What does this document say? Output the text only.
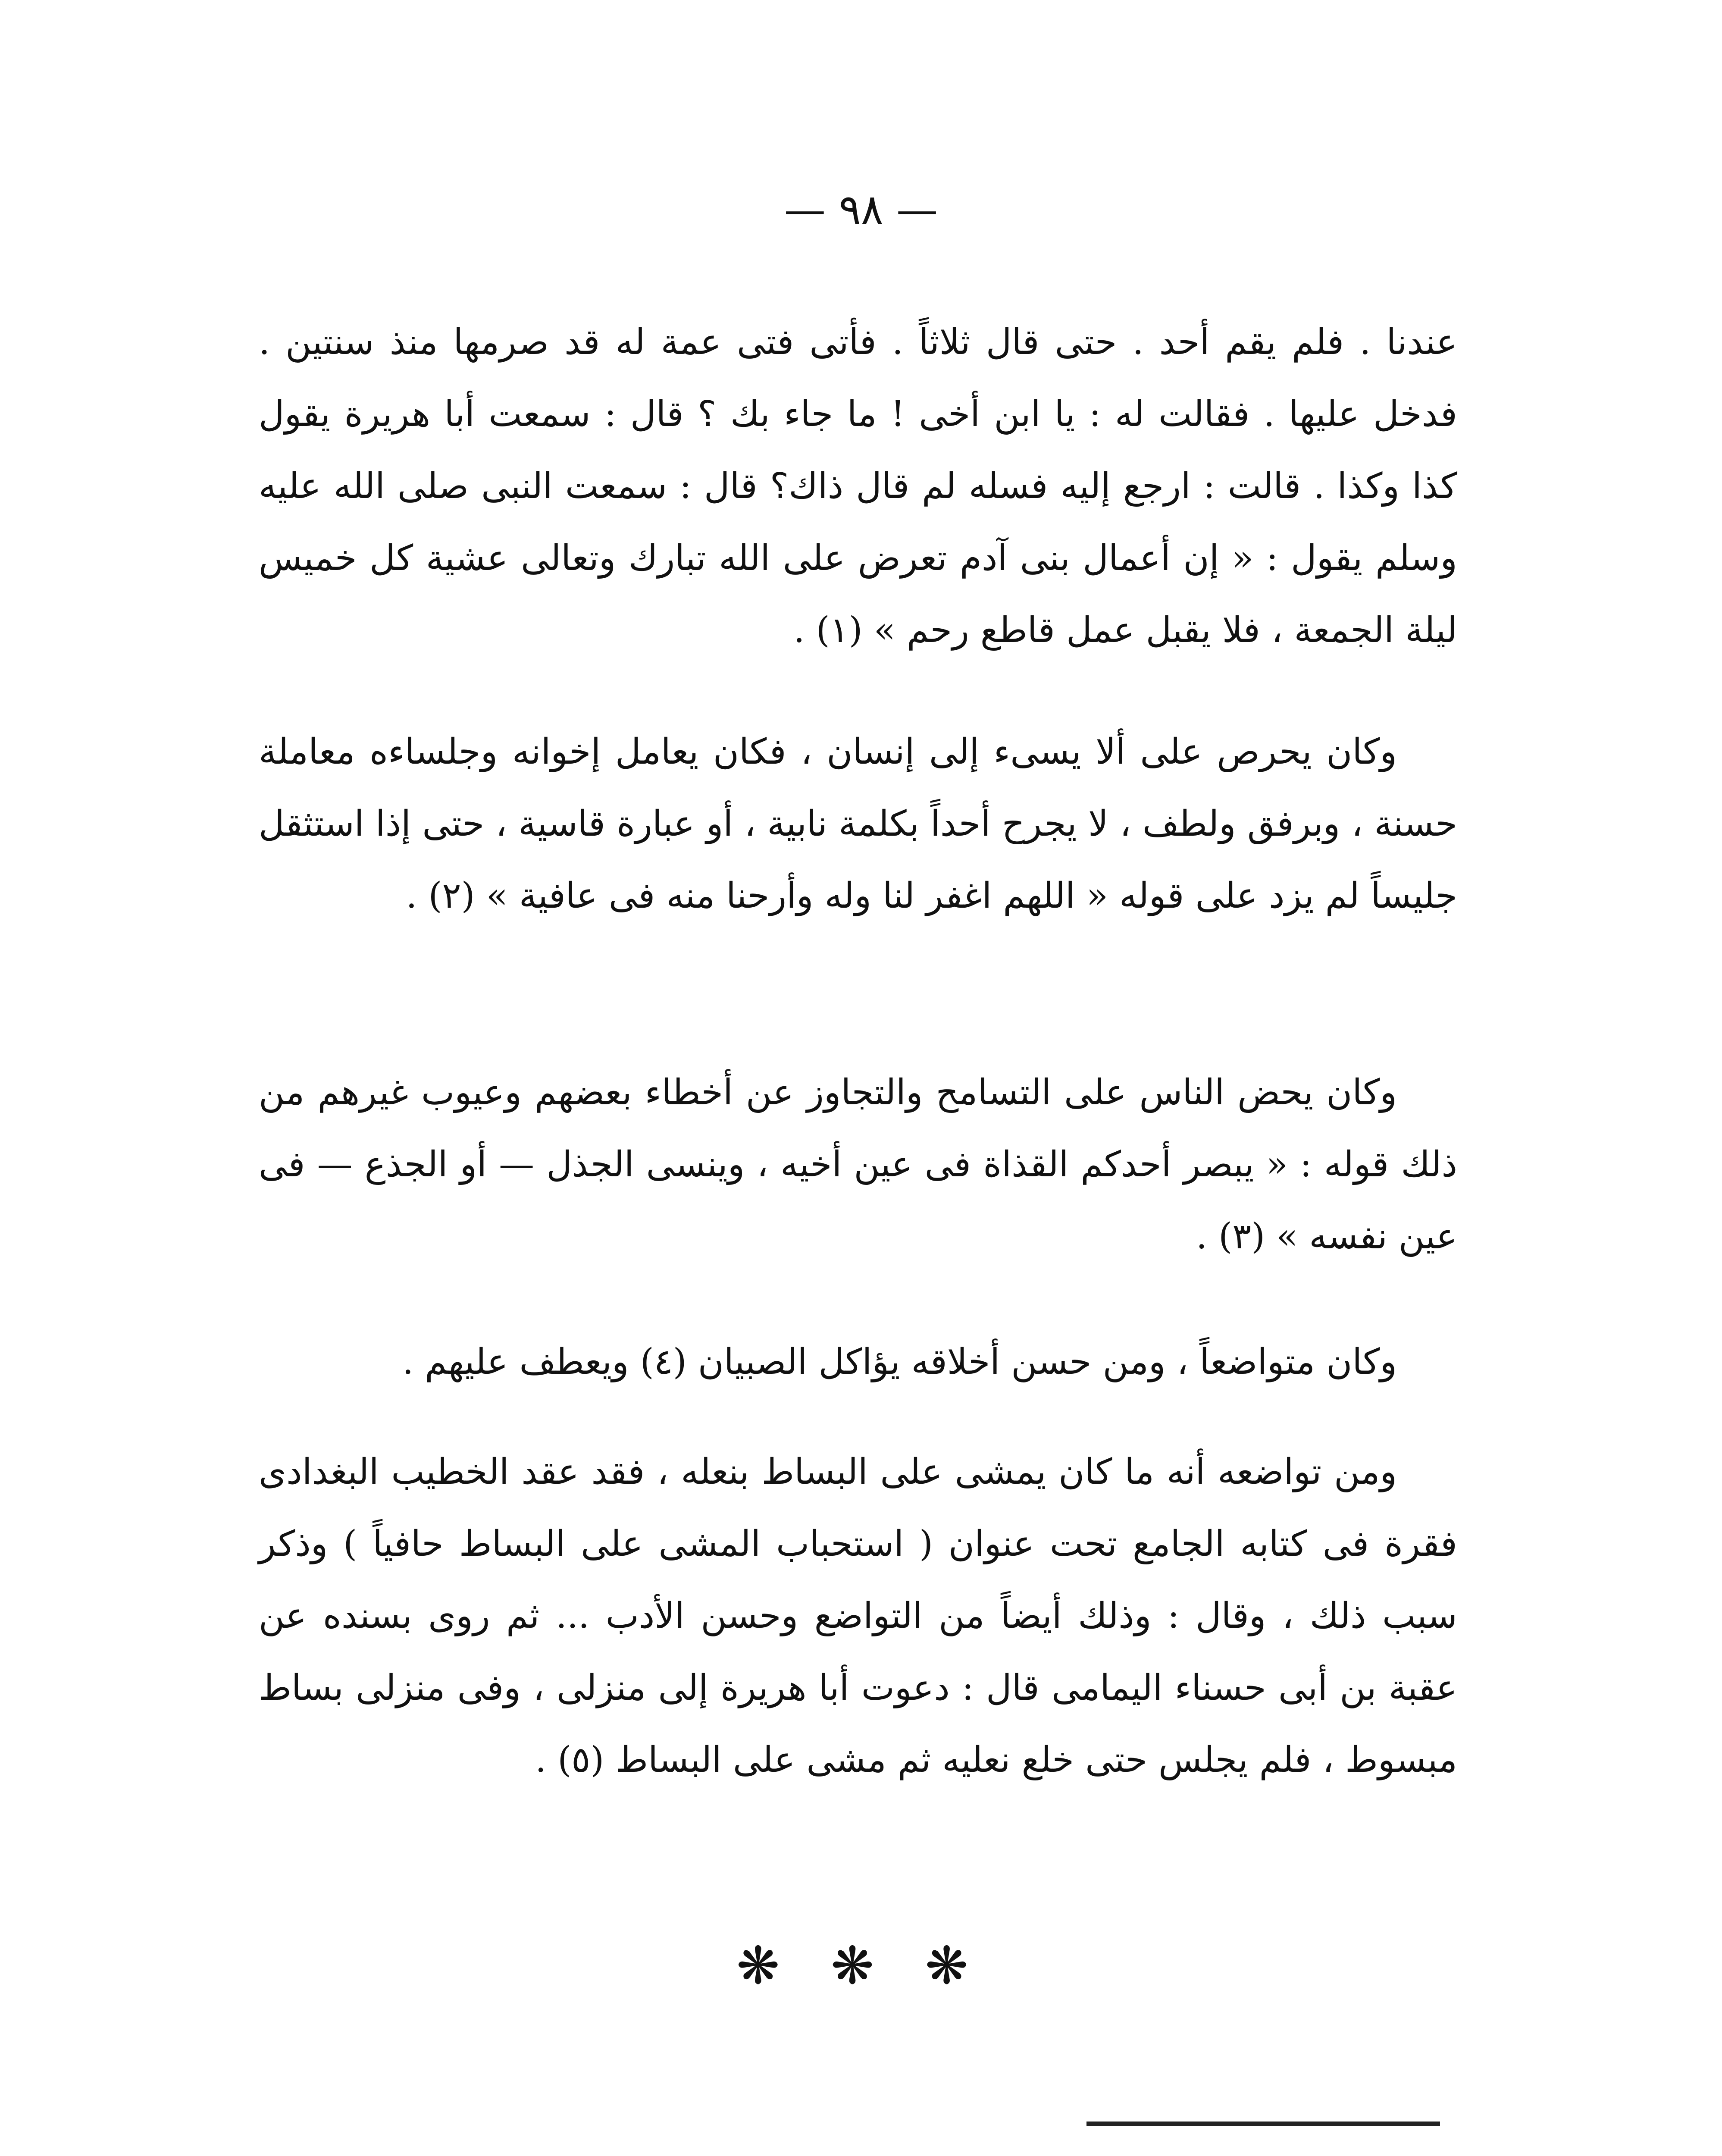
— ٩٨ —

عندنا . فلم يقم أحد . حتى قال ثلاثاً . فأتى فتى عمة له قد صرمها منذ سنتين . فدخل عليها . فقالت له : يا ابن أخى ! ما جاء بك ؟ قال : سمعت أبا هريرة يقول كذا وكذا . قالت : ارجع إليه فسله لم قال ذاك؟ قال : سمعت النبى صلى الله عليه وسلم يقول : « إن أعمال بنى آدم تعرض على الله تبارك وتعالى عشية كل خميس ليلة الجمعة ، فلا يقبل عمل قاطع رحم » (١) .

وكان يحرص على ألا يسىء إلى إنسان ، فكان يعامل إخوانه وجلساءه معاملة حسنة ، وبرفق ولطف ، لا يجرح أحداً بكلمة نابية ، أو عبارة قاسية ، حتى إذا استثقل جليساً لم يزد على قوله « اللهم اغفر لنا وله وأرحنا منه فى عافية » (٢) .

وكان يحض الناس على التسامح والتجاوز عن أخطاء بعضهم وعيوب غيرهم من ذلك قوله : « يبصر أحدكم القذاة فى عين أخيه ، وينسى الجذل — أو الجذع — فى عين نفسه » (٣) .

وكان متواضعاً ، ومن حسن أخلاقه يؤاكل الصبيان (٤) ويعطف عليهم .

ومن تواضعه أنه ما كان يمشى على البساط بنعله ، فقد عقد الخطيب البغدادى فقرة فى كتابه الجامع تحت عنوان ( استحباب المشى على البساط حافياً ) وذكر سبب ذلك ، وقال : وذلك أيضاً من التواضع وحسن الأدب ... ثم روى بسنده عن عقبة بن أبى حسناء اليمامى قال : دعوت أبا هريرة إلى منزلى ، وفى منزلى بساط مبسوط ، فلم يجلس حتى خلع نعليه ثم مشى على البساط (٥) .

❋ ❋ ❋
